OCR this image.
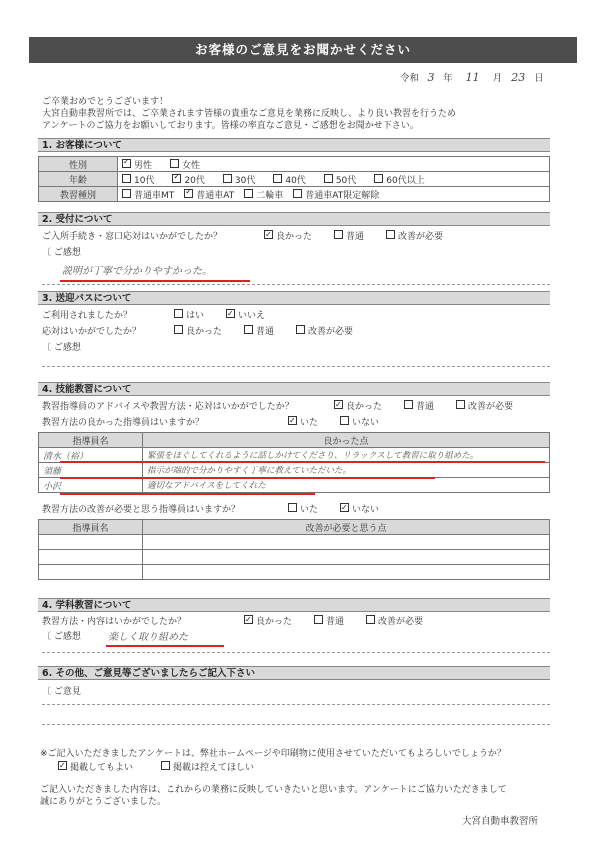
お客様のご意見をお聞かせください
令和 3 年 11 月 23 日
ご卒業おめでとうございます！
大宮自動車教習所では、ご卒業されます皆様の貴重なご意見を業務に反映し、より良い教習を行うため
アンケートのご協力をお願いしております。皆様の率直なご意見・ご感想をお聞かせ下さい。
1. お客様について
性別	✓男性 女性
年齢	10代 ✓ 20代 30代 40代 50代 60代以上
教習種別	普通車MT ✓ 普通車AT 二輪車 普通車AT限定解除
2. 受付について
ご入所手続き・窓口応対はいかがでしたか？ ✓	良かった	普通	改善が必要
〔 ご感想
説明が丁寧で分かりやすかった。
3. 送迎バスについて
ご利用されましたか？	はい ✓	いいえ
応対はいかがでしたか？	良かった	普通	改善が必要
〔 ご感想
4. 技能教習について
教習指導員のアドバイスや教習方法・応対はいかがでしたか？ ✓	良かった	普通	改善が必要
教習方法の良かった指導員はいますか？ ✓	いた	いない
指導員名	良かった点
清水（裕）	緊張をほぐしてくれるように話しかけてくださり、リラックスして教習に取り組めた。
須藤	指示が端的で分かりやすく丁寧に教えていただいた。
小沢	適切なアドバイスをしてくれた
教習方法の改善が必要と思う指導員はいますか？	いた ✓	いない
指導員名	改善が必要と思う点

4. 学科教習について
教習方法・内容はいかがでしたか？ ✓	良かった	普通	改善が必要
〔 ご感想	楽しく取り組めた
6. その他、ご意見等ございましたらご記入下さい
〔 ご意見
※ご記入いただきましたアンケートは、弊社ホームページや印刷物に使用させていただいてもよろしいでしょうか？
✓掲載してもよい	掲載は控えてほしい
ご記入いただきました内容は、これからの業務に反映していきたいと思います。アンケートにご協力いただきまして
誠にありがとうございました。
大宮自動車教習所
